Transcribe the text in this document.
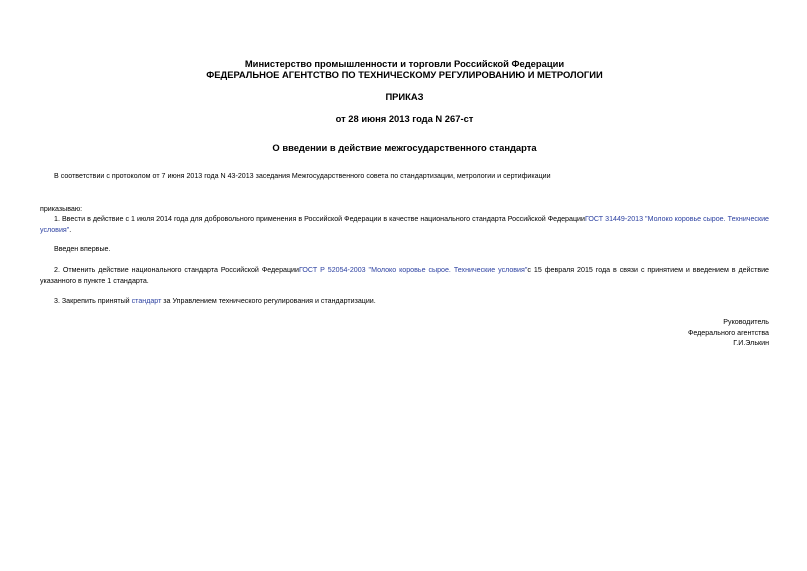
Министерство промышленности и торговли Российской Федерации
ФЕДЕРАЛЬНОЕ АГЕНТСТВО ПО ТЕХНИЧЕСКОМУ РЕГУЛИРОВАНИЮ И МЕТРОЛОГИИ
ПРИКАЗ
от 28 июня 2013 года N 267-ст
О введении в действие межгосударственного стандарта
В соответствии с протоколом от 7 июня 2013 года N 43-2013 заседания Межгосударственного совета по стандартизации, метрологии и сертификации
приказываю:
1. Ввести в действие с 1 июля 2014 года для добровольного применения в Российской Федерации в качестве национального стандарта Российской ФедерацииГОСТ 31449-2013 "Молоко коровье сырое. Технические условия".
Введен впервые.
2. Отменить действие национального стандарта Российской ФедерацииГОСТ Р 52054-2003 "Молоко коровье сырое. Технические условия"с 15 февраля 2015 года в связи с принятием и введением в действие указанного в пункте 1 стандарта.
3. Закрепить принятый стандарт за Управлением технического регулирования и стандартизации.
Руководитель
Федерального агентства
Г.И.Элькин
